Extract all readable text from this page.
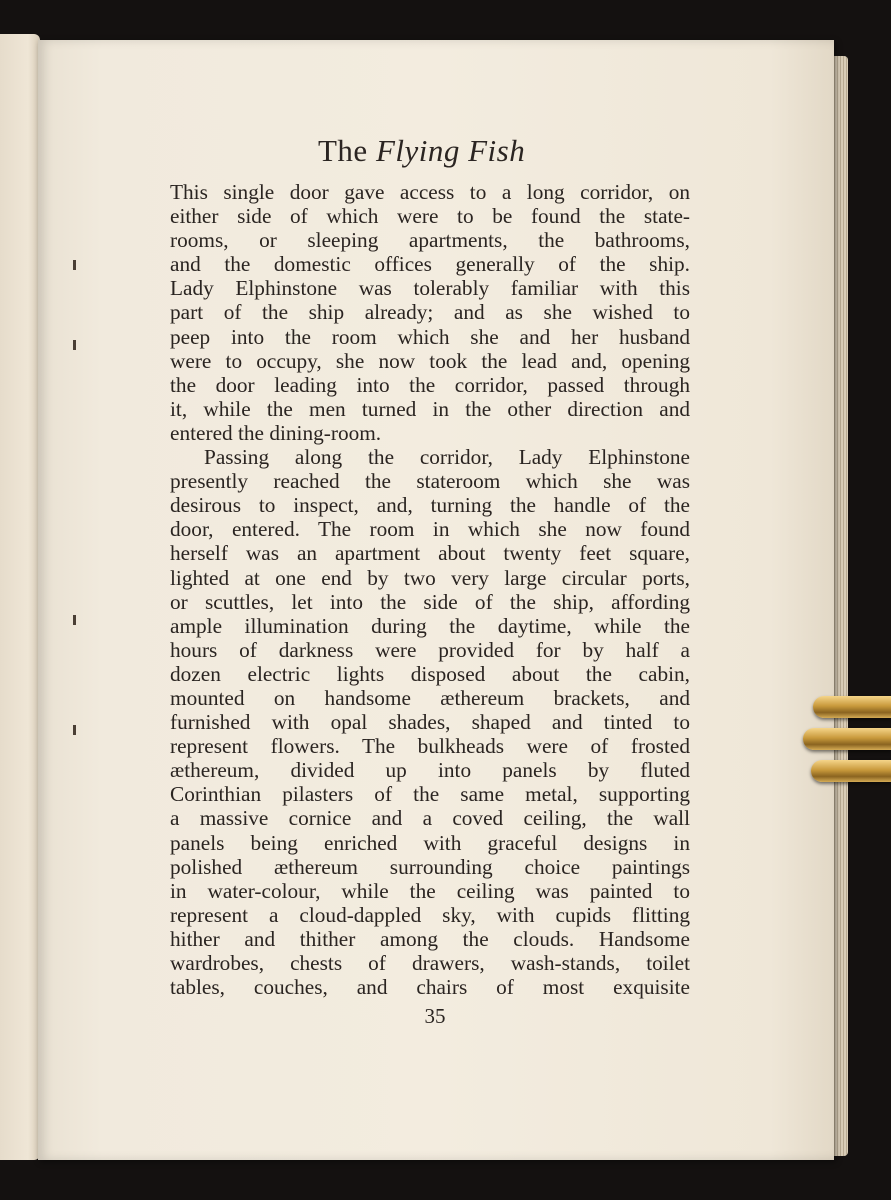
The Flying Fish
This single door gave access to a long corridor, on
either side of which were to be found the state-
rooms, or sleeping apartments, the bathrooms,
and the domestic offices generally of the ship.
Lady Elphinstone was tolerably familiar with this
part of the ship already; and as she wished to
peep into the room which she and her husband
were to occupy, she now took the lead and, opening
the door leading into the corridor, passed through
it, while the men turned in the other direction and
entered the dining-room.
Passing along the corridor, Lady Elphinstone
presently reached the stateroom which she was
desirous to inspect, and, turning the handle of the
door, entered. The room in which she now found
herself was an apartment about twenty feet square,
lighted at one end by two very large circular ports,
or scuttles, let into the side of the ship, affording
ample illumination during the daytime, while the
hours of darkness were provided for by half a
dozen electric lights disposed about the cabin,
mounted on handsome æthereum brackets, and
furnished with opal shades, shaped and tinted to
represent flowers. The bulkheads were of frosted
æthereum, divided up into panels by fluted
Corinthian pilasters of the same metal, supporting
a massive cornice and a coved ceiling, the wall
panels being enriched with graceful designs in
polished æthereum surrounding choice paintings
in water-colour, while the ceiling was painted to
represent a cloud-dappled sky, with cupids flitting
hither and thither among the clouds. Handsome
wardrobes, chests of drawers, wash-stands, toilet
tables, couches, and chairs of most exquisite
35
